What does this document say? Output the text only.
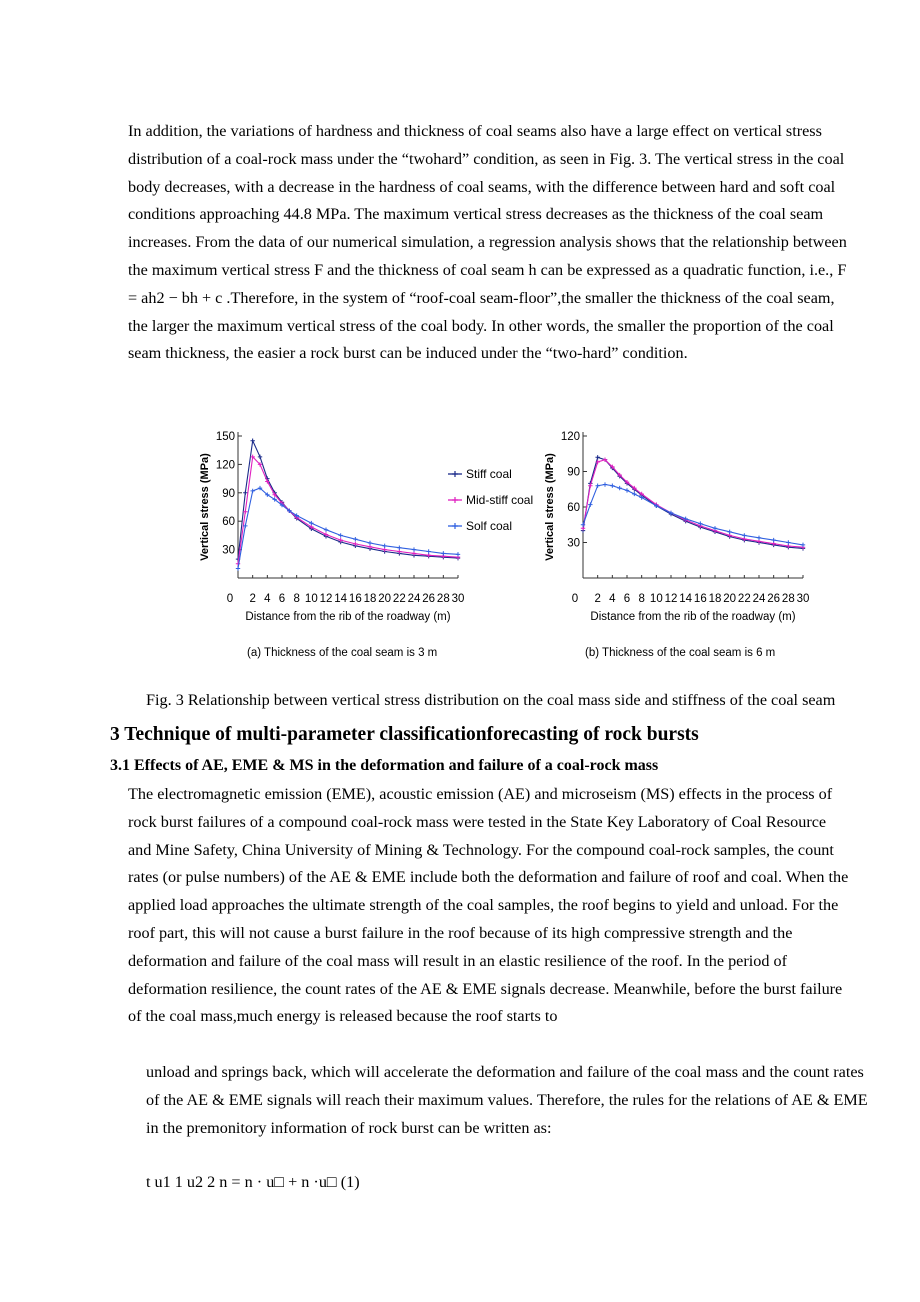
In addition, the variations of hardness and thickness of coal seams also have a large effect on vertical stress distribution of a coal-rock mass under the “twohard” condition, as seen in Fig. 3. The vertical stress in the coal body decreases, with a decrease in the hardness of coal seams, with the difference between hard and soft coal conditions approaching 44.8 MPa. The maximum vertical stress decreases as the thickness of the coal seam increases. From the data of our numerical simulation, a regression analysis shows that the relationship between the maximum vertical stress F and the thickness of coal seam h can be expressed as a quadratic function, i.e., F = ah2 − bh + c .Therefore, in the system of “roof-coal seam-floor”,the smaller the thickness of the coal seam, the larger the maximum vertical stress of the coal body. In other words, the smaller the proportion of the coal seam thickness, the easier a rock burst can be induced under the “two-hard” condition.

30
60
90
120
150
0 2 4 6 8 10 12 14 16 18 20 22 24 26 28 30
Vertical stress (MPa)
Distance from the rib of the roadway (m)
Stiff coal
Mid-stiff coal
Solf coal
30
60
90
120
0 2 4 6 8 10 12 14 16 18 20 22 24 26 28 30
Vertical stress (MPa)
Distance from the rib of the roadway (m)
(a) Thickness of the coal seam is 3 m	(b) Thickness of the coal seam is 6 m

Fig. 3 Relationship between vertical stress distribution on the coal mass side and stiffness of the coal seam

3 Technique of multi-parameter classificationforecasting of rock bursts
3.1 Effects of AE, EME & MS in the deformation and failure of a coal-rock mass

The electromagnetic emission (EME), acoustic emission (AE) and microseism (MS) effects in the process of rock burst failures of a compound coal-rock mass were tested in the State Key Laboratory of Coal Resource and Mine Safety, China University of Mining & Technology. For the compound coal-rock samples, the count rates (or pulse numbers) of the AE & EME include both the deformation and failure of roof and coal. When the applied load approaches the ultimate strength of the coal samples, the roof begins to yield and unload. For the roof part, this will not cause a burst failure in the roof because of its high compressive strength and the deformation and failure of the coal mass will result in an elastic resilience of the roof. In the period of deformation resilience, the count rates of the AE & EME signals decrease. Meanwhile, before the burst failure of the coal mass,much energy is released because the roof starts to

unload and springs back, which will accelerate the deformation and failure of the coal mass and the count rates of the AE & EME signals will reach their maximum values. Therefore, the rules for the relations of AE & EME in the premonitory information of rock burst can be written as:

t u1 1 u2 2 n = n · u□ + n ·u□ (1)
